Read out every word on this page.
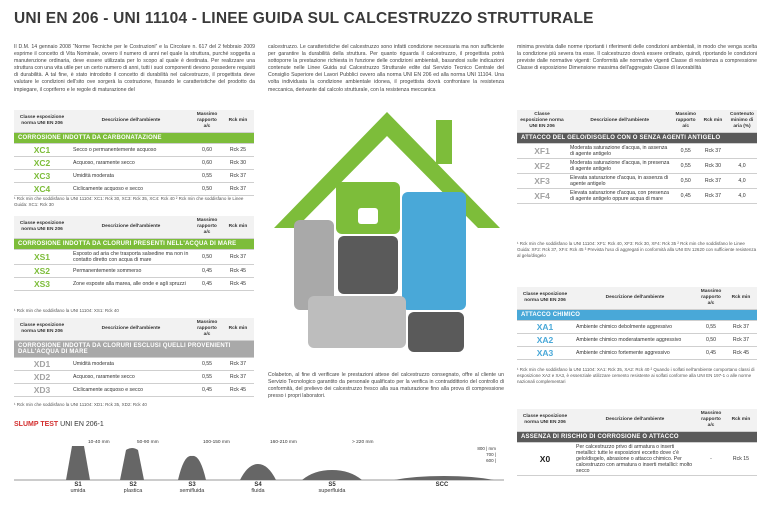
UNI EN 206 - UNI 11104 - LINEE GUIDA SUL CALCESTRUZZO STRUTTURALE
Il D.M. 14 gennaio 2008 “Norme Tecniche per le Costruzioni” e la Circolare n. 617 del 2 febbraio 2009 esprime il concetto di Vita Nominale, ovvero il numero di anni nel quale la struttura, purché soggetta a manutenzione ordinaria, deve essere utilizzata per lo scopo al quale è destinata. Per realizzare una struttura con una vita utile per un certo numero di anni, tutti i suoi componenti devono possedere requisiti di durabilità. A tal fine, è stato introdotto il concetto di durabilità nel calcestruzzo, il progettista deve valutare le condizioni dell'sito ove sorgerà la costruzione, fissando le caratteristiche del prodotto da impiegare, il copriferro e le regole di maturazione del
calcestruzzo. Le caratteristiche del calcestruzzo sono infatti condizione necessaria ma non sufficiente per garantire la durabilità della struttura. Per quanto riguarda il calcestruzzo, il progettista potrà sottoporre la prestazione richiesta in funzione delle condizioni ambientali, basandosi sulle indicazioni contenute nelle Linee Guida sul Calcestruzzo Strutturale edite dal Servizio Tecnico Centrale del Consiglio Superiore dei Lavori Pubblici ovvero alla norma UNI EN 206 ed alla norma UNI 11104. Una volta individuata la condizione ambientale idonea, il progettista dovrà confrontare la resistenza meccanica, derivante dal calcolo strutturale, con la resistenza meccanica
minima prevista dalle norme riportanti i riferimenti delle condizioni ambientali, in modo che venga scelta la condizione più severa tra esse. Il calcestruzzo dovrà essere ordinato, quindi, riportando le condizioni previste dalle normative vigenti: Conformità alle normative vigenti Classe di resistenza a compressione Classe di esposizione Dimensione massima dell'aggregato Classe di lavorabilità
Colabeton, al fine di verificare le prestazioni attese del calcestruzzo consegnato, offre al cliente un Servizio Tecnologico garantito da personale qualificato per la verifica in contraddittorio del controllo di conformità, del prelievo dei calcestruzzo fresco alla sua maturazione fino alla prova di compressione presso i propri laboratori.
Classe esposizione norma UNI EN 206	Descrizione dell'ambiente	Massimo rapporto a/c	Rck min
CORROSIONE INDOTTA DA CARBONATAZIONE			
XC1	Secco o permanentemente acquoso	0,60	Rck 25
XC2	Acquoso, raramente secco	0,60	Rck 30
XC3	Umidità moderata	0,55	Rck 37
XC4	Ciclicamente acquoso e secco	0,50	Rck 37
¹ Rck min che soddisfano la UNI 11104: XC1: Rck 30, XC3: Rck 35, XC4: Rck 40 ² Rck min che soddisfano le Linee Guida: XC1: Rck 30
Classe esposizione norma UNI EN 206	Descrizione dell'ambiente	Massimo rapporto a/c	Rck min
CORROSIONE INDOTTA DA CLORURI PRESENTI NELL'ACQUA DI MARE			
XS1	Esposto ad aria che trasporta salsedine ma non in contatto diretto con acqua di mare	0,50	Rck 37
XS2	Permanentemente sommerso	0,45	Rck 45
XS3	Zone esposte alla marea, alle onde e agli spruzzi	0,45	Rck 45
¹ Rck min che soddisfano la UNI 11104: XS1: Rck 40
Classe esposizione norma UNI EN 206	Descrizione dell'ambiente	Massimo rapporto a/c	Rck min
CORROSIONE INDOTTA DA CLORURI ESCLUSI QUELLI PROVENIENTI DALL'ACQUA DI MARE			
XD1	Umidità moderata	0,55	Rck 37
XD2	Acquoso, raramente secco	0,55	Rck 37
XD3	Ciclicamente acquoso e secco	0,45	Rck 45
¹ Rck min che soddisfano la UNI 11104: XD1: Rck 35, XD2: Rck 40
Classe esposizione norma UNI EN 206	Descrizione dell'ambiente	Massimo rapporto a/c	Rck min	Contenuto minimo di aria (%)
ATTACCO DEL GELO/DISGELO CON O SENZA AGENTI ANTIGELO				
XF1	Moderata saturazione d'acqua, in assenza di agente antigelo	0,55	Rck 37	
XF2	Moderata saturazione d'acqua, in presenza di agente antigelo	0,55	Rck 30	4,0
XF3	Elevata saturazione d'acqua, in assenza di agente antigelo	0,50	Rck 37	4,0
XF4	Elevata saturazione d'acqua, con presenza di agente antigelo oppure acqua di mare	0,45	Rck 37	4,0
¹ Rck min che soddisfano la UNI 11104: XF1: Rck 40, XF3: Rck 30, XF4: Rck 35 ² Rck min che soddisfano le Linee Guida: XF2: Rck 37, XF4: Rck 45 ³ Prevista l'uso di aggregati in conformità alla UNI EN 12620 con sufficiente resistenza al gelo/disgelo
Classe esposizione norma UNI EN 206	Descrizione dell'ambiente	Massimo rapporto a/c	Rck min
ATTACCO CHIMICO			
XA1	Ambiente chimico debolmente aggressivo	0,55	Rck 37
XA2	Ambiente chimico moderatamente aggressivo	0,50	Rck 37
XA3	Ambiente chimico fortemente aggressivo	0,45	Rck 45
¹ Rck min che soddisfano la UNI 11104: XA1: Rck 35, XA2: Rck 40 ² Quando i solfati nell'ambiente comportano classi di esposizione XA2 e XA3, è essenziale utilizzare cemento resistente ai solfati conforme alla UNI EN 197-1 o alle norme nazionali complementari
Classe esposizione norma UNI EN 206	Descrizione dell'ambiente	Massimo rapporto a/c	Rck min
ASSENZA DI RISCHIO DI CORROSIONE O ATTACCO			
X0	Per calcestruzzo privo di armatura o inserti metallici: tutte le esposizioni eccetto dove c'è gelo/disgelo, abrasione o attacco chimico. Per calcestruzzo con armatura o inserti metallici: molto secco	-	Rck 15
SLUMP TEST UNI EN 206-1
10-40 mm	50-90 mm	100-150 mm	160-210 mm	> 220 mm
800 | mm
700 |
600 |
S1
umida
S2
plastica
S3
semifluida
S4
fluida
S5
superfluida
SCC
